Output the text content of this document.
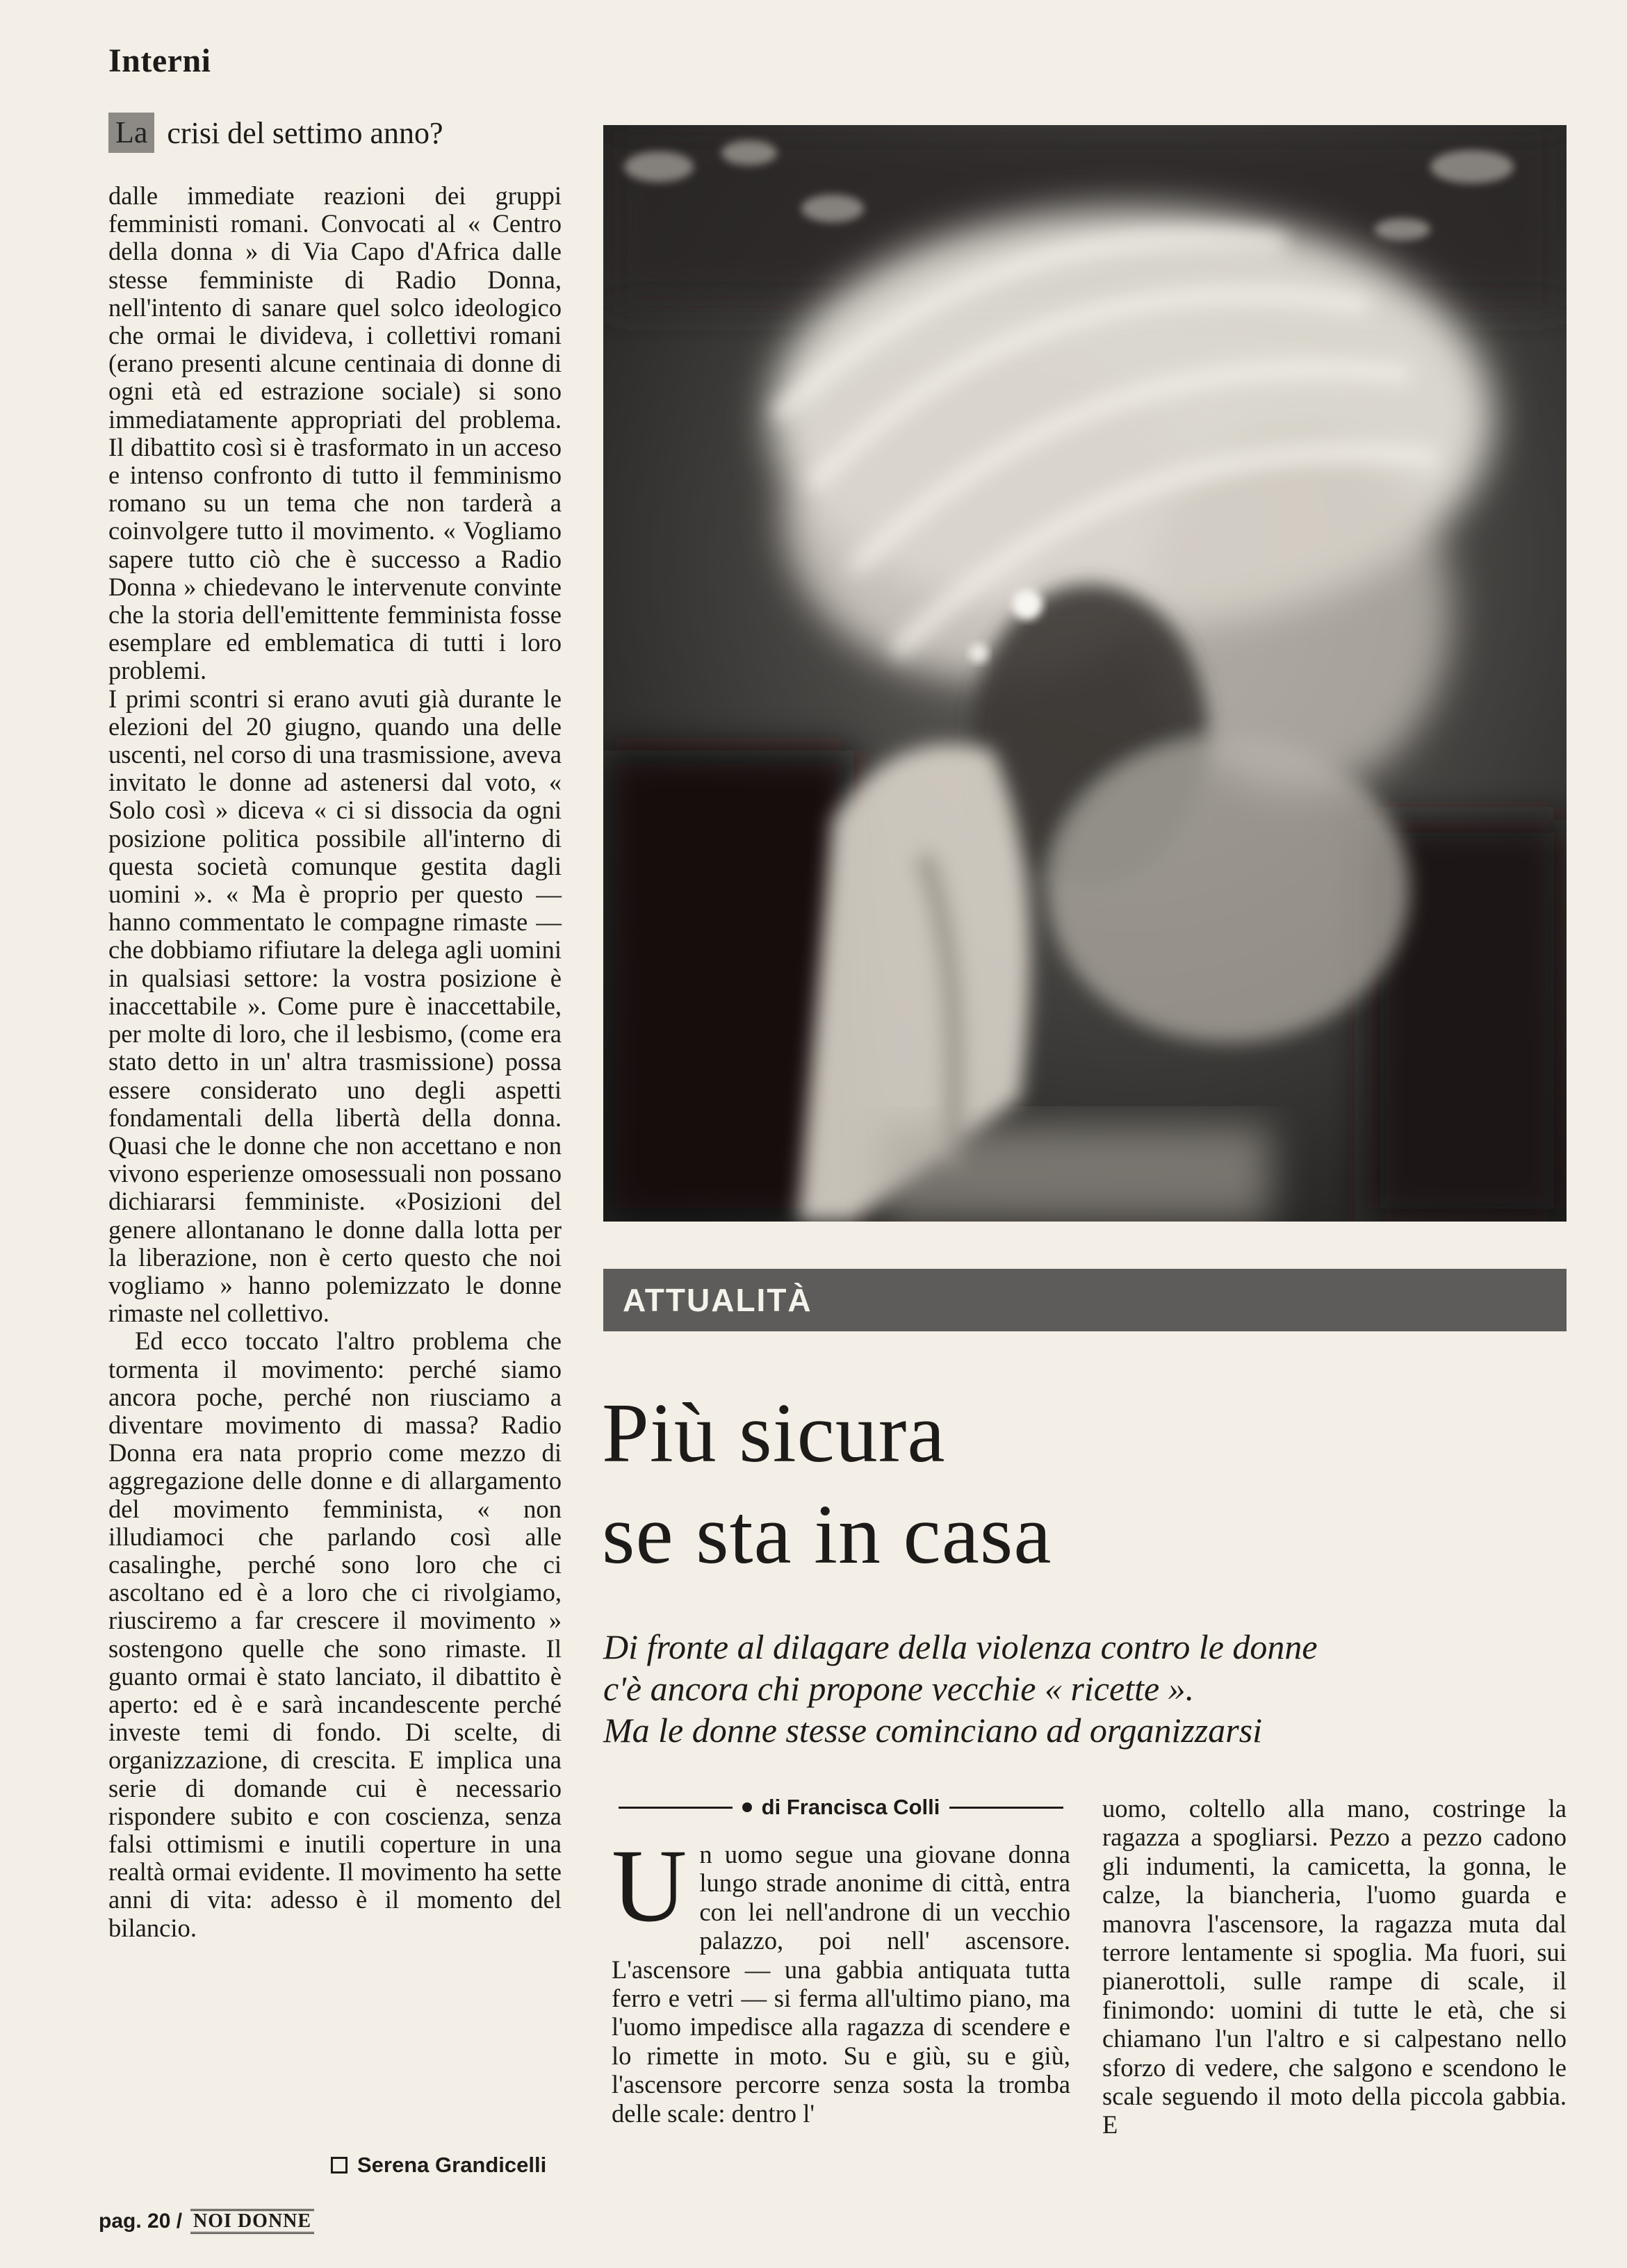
Interni
La crisi del settimo anno?

dalle immediate reazioni dei gruppi femministi romani. Convocati al « Centro della donna » di Via Capo d'Africa dalle stesse femministe di Radio Donna, nell'intento di sanare quel solco ideologico che ormai le divideva, i collettivi romani (erano presenti alcune centinaia di donne di ogni età ed estrazione sociale) si sono immediatamente appropriati del problema. Il dibattito così si è trasformato in un acceso e intenso confronto di tutto il femminismo romano su un tema che non tarderà a coinvolgere tutto il movimento. « Vogliamo sapere tutto ciò che è successo a Radio Donna » chiedevano le intervenute convinte che la storia dell'emittente femminista fosse esemplare ed emblematica di tutti i loro problemi.

I primi scontri si erano avuti già durante le elezioni del 20 giugno, quando una delle uscenti, nel corso di una trasmissione, aveva invitato le donne ad astenersi dal voto, « Solo così » diceva « ci si dissocia da ogni posizione politica possibile all'interno di questa società comunque gestita dagli uomini ». « Ma è proprio per questo — hanno commentato le compagne rimaste — che dobbiamo rifiutare la delega agli uomini in qualsiasi settore: la vostra posizione è inaccettabile ». Come pure è inaccettabile, per molte di loro, che il lesbismo, (come era stato detto in un' altra trasmissione) possa essere considerato uno degli aspetti fondamentali della libertà della donna. Quasi che le donne che non accettano e non vivono esperienze omosessuali non possano dichiararsi femministe. «Posizioni del genere allontanano le donne dalla lotta per la liberazione, non è certo questo che noi vogliamo » hanno polemizzato le donne rimaste nel collettivo.

Ed ecco toccato l'altro problema che tormenta il movimento: perché siamo ancora poche, perché non riusciamo a diventare movimento di massa? Radio Donna era nata proprio come mezzo di aggregazione delle donne e di allargamento del movimento femminista, « non illudiamoci che parlando così alle casalinghe, perché sono loro che ci ascoltano ed è a loro che ci rivolgiamo, riusciremo a far crescere il movimento » sostengono quelle che sono rimaste. Il guanto ormai è stato lanciato, il dibattito è aperto: ed è e sarà incandescente perché investe temi di fondo. Di scelte, di organizzazione, di crescita. E implica una serie di domande cui è necessario rispondere subito e con coscienza, senza falsi ottimismi e inutili coperture in una realtà ormai evidente. Il movimento ha sette anni di vita: adesso è il momento del bilancio.

Serena Grandicelli
pag. 20 / NOI DONNE
ATTUALITÀ
Più sicura
se sta in casa
Di fronte al dilagare della violenza contro le donne
c'è ancora chi propone vecchie « ricette ».
Ma le donne stesse cominciano ad organizzarsi
di Francisca Colli

Un uomo segue una giovane donna lungo strade anonime di città, entra con lei nell'androne di un vecchio palazzo, poi nell' ascensore. L'ascensore — una gabbia antiquata tutta ferro e vetri — si ferma all'ultimo piano, ma l'uomo impedisce alla ragazza di scendere e lo rimette in moto. Su e giù, su e giù, l'ascensore percorre senza sosta la tromba delle scale: dentro l'

uomo, coltello alla mano, costringe la ragazza a spogliarsi. Pezzo a pezzo cadono gli indumenti, la camicetta, la gonna, le calze, la biancheria, l'uomo guarda e manovra l'ascensore, la ragazza muta dal terrore lentamente si spoglia. Ma fuori, sui pianerottoli, sulle rampe di scale, il finimondo: uomini di tutte le età, che si chiamano l'un l'altro e si calpestano nello sforzo di vedere, che salgono e scendono le scale seguendo il moto della piccola gabbia. E
